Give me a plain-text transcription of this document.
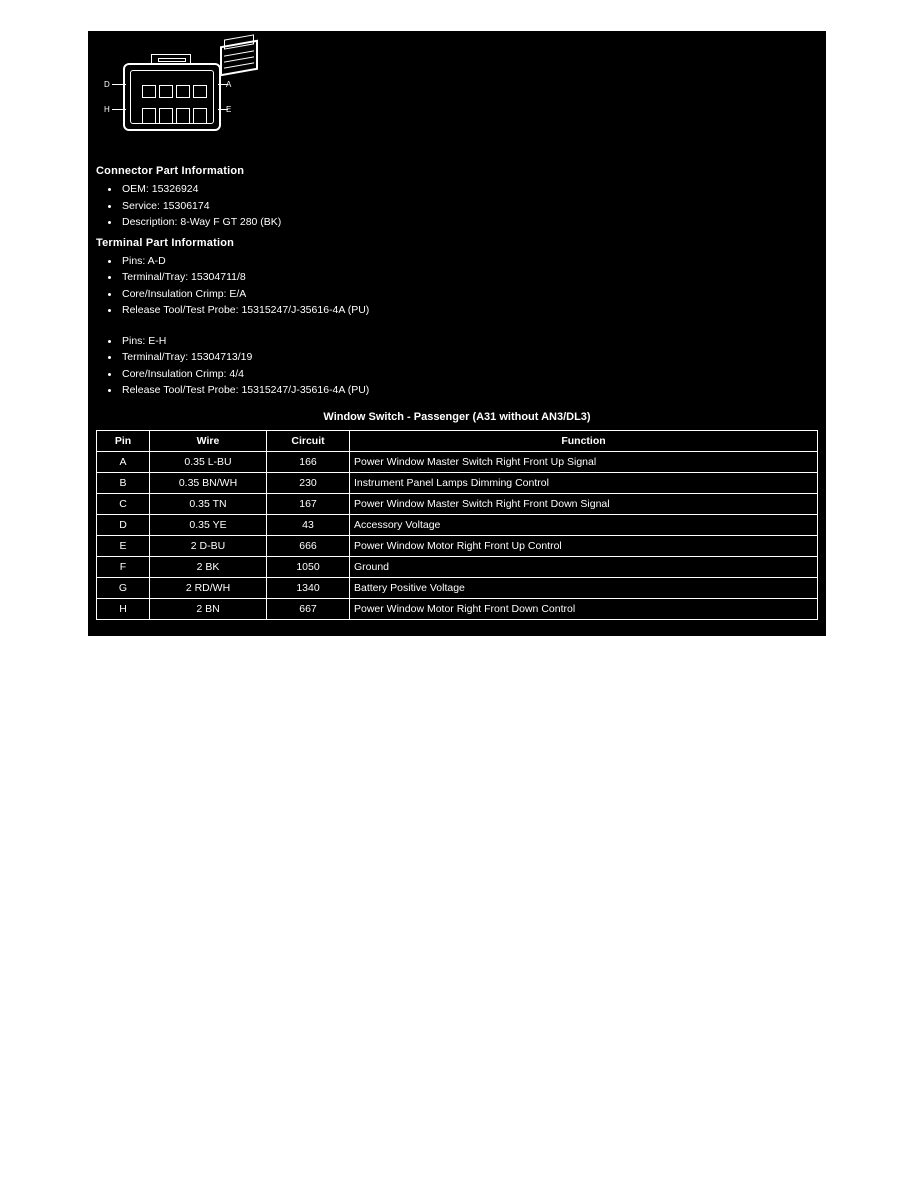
D
H
A
E
Connector Part Information
• OEM: 15326924
• Service: 15306174
• Description: 8-Way F GT 280 (BK)
Terminal Part Information
• Pins: A-D
• Terminal/Tray: 15304711/8
• Core/Insulation Crimp: E/A
• Release Tool/Test Probe: 15315247/J-35616-4A (PU)
• Pins: E-H
• Terminal/Tray: 15304713/19
• Core/Insulation Crimp: 4/4
• Release Tool/Test Probe: 15315247/J-35616-4A (PU)
Window Switch - Passenger (A31 without AN3/DL3)
Pin	Wire	Circuit	Function
A	0.35 L-BU	166	Power Window Master Switch Right Front Up Signal
B	0.35 BN/WH	230	Instrument Panel Lamps Dimming Control
C	0.35 TN	167	Power Window Master Switch Right Front Down Signal
D	0.35 YE	43	Accessory Voltage
E	2 D-BU	666	Power Window Motor Right Front Up Control
F	2 BK	1050	Ground
G	2 RD/WH	1340	Battery Positive Voltage
H	2 BN	667	Power Window Motor Right Front Down Control
